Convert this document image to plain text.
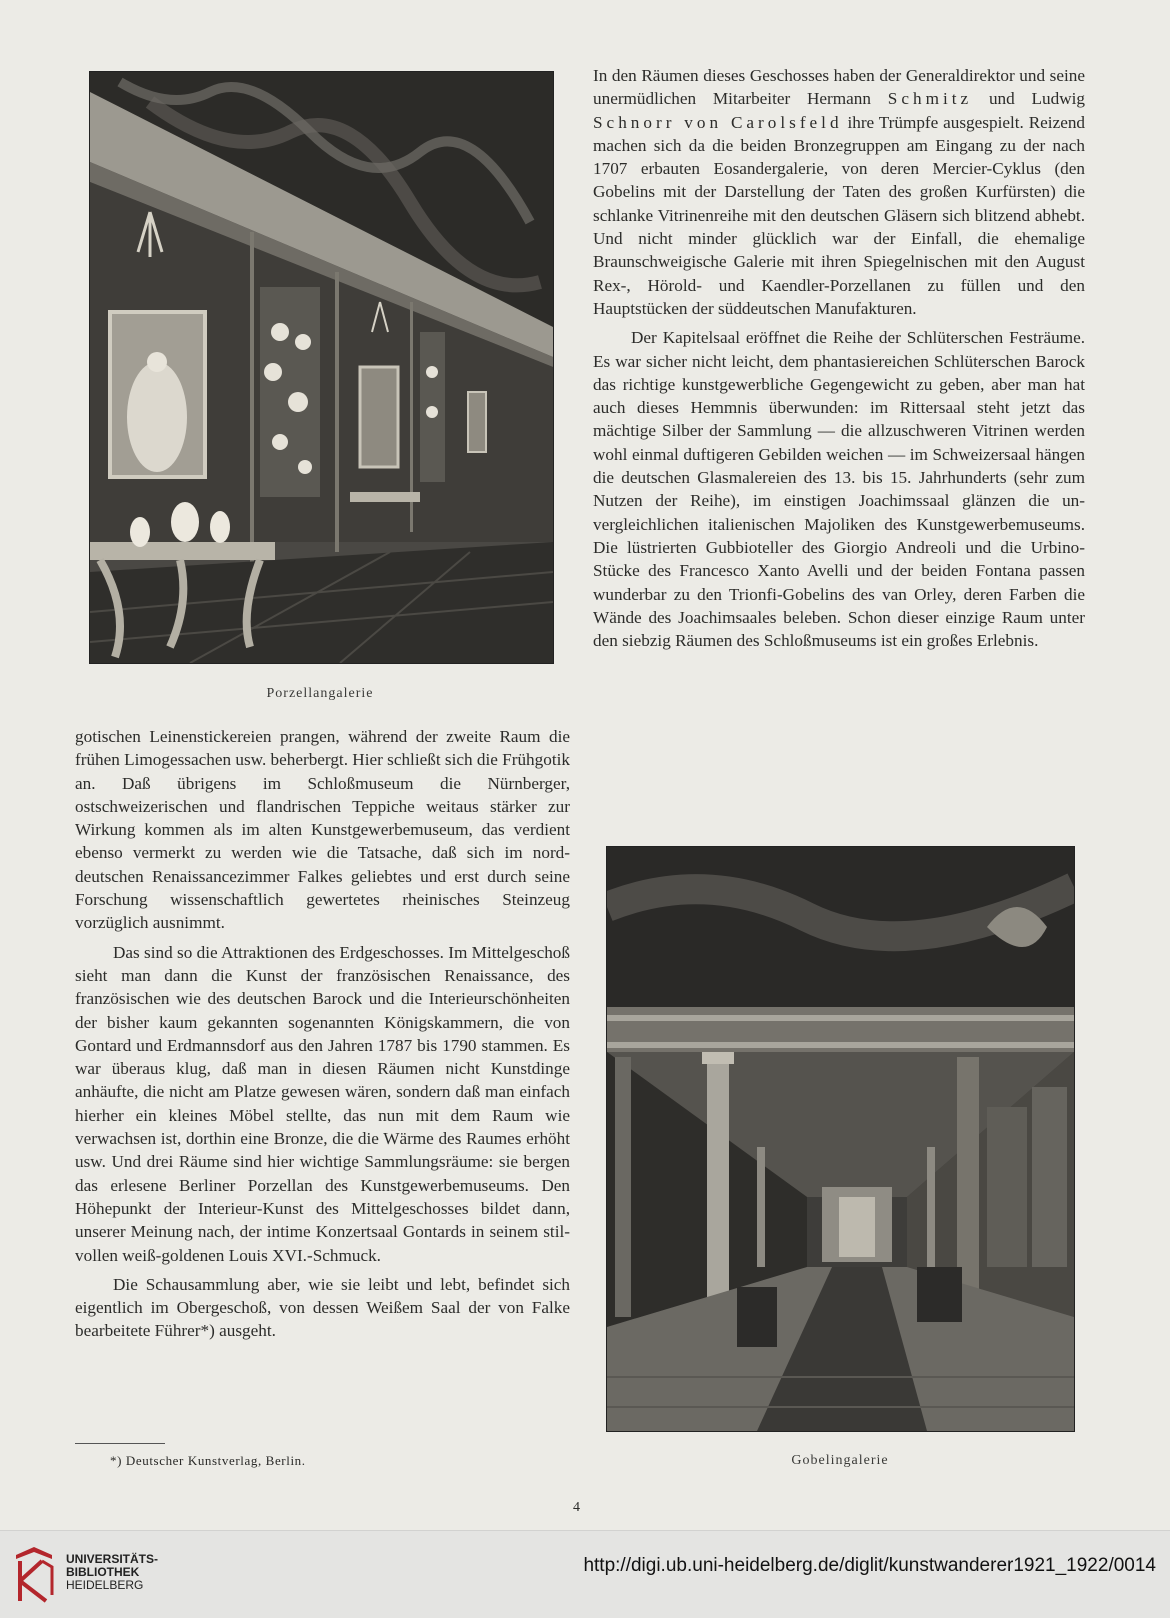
Porzellangalerie

gotischen Leinenstickereien prangen, während der zweite Raum die frühen Limogessachen usw. beherbergt. Hier schließt sich die Frühgotik an. Daß übrigens im Schloßmuseum die Nürnberger, ostschweizerischen und flandrischen Teppiche weitaus stärker zur Wirkung kommen als im alten Kunstgewerbemuseum, das verdient ebenso vermerkt zu werden wie die Tatsache, daß sich im norddeutschen Renaissancezimmer Falkes geliebtes und erst durch seine Forschung wissenschaftlich gewertetes rheinisches Steinzeug vorzüglich ausnimmt.

Das sind so die Attraktionen des Erdgeschosses. Im Mittelgeschoß sieht man dann die Kunst der französischen Renaissance, des französischen wie des deutschen Barock und die Interieurschönheiten der bisher kaum gekannten sogenannten Königskammern, die von Gontard und Erdmannsdorf aus den Jahren 1787 bis 1790 stammen. Es war überaus klug, daß man in diesen Räumen nicht Kunstdinge anhäufte, die nicht am Platze gewesen wären, sondern daß man einfach hierher ein kleines Möbel stellte, das nun mit dem Raum wie verwachsen ist, dorthin eine Bronze, die die Wärme des Raumes erhöht usw. Und drei Räume sind hier wichtige Sammlungsräume: sie bergen das erlesene Berliner Porzellan des Kunstgewerbemuseums. Den Höhepunkt der Interieur-Kunst des Mittelgeschosses bildet dann, unserer Meinung nach, der intime Konzertsaal Gontards in seinem stilvollen weiß-goldenen Louis XVI.-Schmuck.

Die Schausammlung aber, wie sie leibt und lebt, befindet sich eigentlich im Obergeschoß, von dessen Weißem Saal der von Falke bearbeitete Führer*) ausgeht.

In den Räumen dieses Geschosses haben der Generaldirektor und seine unermüdlichen Mitarbeiter Hermann Schmitz und Ludwig Schnorr von Carolsfeld ihre Trümpfe ausgespielt. Reizend machen sich da die beiden Bronzegruppen am Eingang zu der nach 1707 erbauten Eosandergalerie, von deren Mercier-Cyklus (den Gobelins mit der Darstellung der Taten des großen Kurfürsten) die schlanke Vitrinenreihe mit den deutschen Gläsern sich blitzend abhebt. Und nicht minder glücklich war der Einfall, die ehemalige Braunschweigische Galerie mit ihren Spiegelnischen mit den August Rex-, Hörold- und Kaendler-Porzellanen zu füllen und den Hauptstücken der süddeutschen Manufakturen.

Der Kapitelsaal eröffnet die Reihe der Schlüterschen Festräume. Es war sicher nicht leicht, dem phantasiereichen Schlüterschen Barock das richtige kunstgewerbliche Gegengewicht zu geben, aber man hat auch dieses Hemmnis überwunden: im Rittersaal steht jetzt das mächtige Silber der Sammlung — die allzuschweren Vitrinen werden wohl einmal duftigeren Gebilden weichen — im Schweizersaal hängen die deutschen Glasmalereien des 13. bis 15. Jahrhunderts (sehr zum Nutzen der Reihe), im einstigen Joachimssaal glänzen die unvergleichlichen italienischen Majoliken des Kunstgewerbemuseums. Die lüstrierten Gubbioteller des Giorgio Andreoli und die Urbino-Stücke des Francesco Xanto Avelli und der beiden Fontana passen wunderbar zu den Trionfi-Gobelins des van Orley, deren Farben die Wände des Joachimsaales beleben. Schon dieser einzige Raum unter den siebzig Räumen des Schloßmuseums ist ein großes Erlebnis.

Gobelingalerie
*) Deutscher Kunstverlag, Berlin.
4
UNIVERSITÄTS-
BIBLIOTHEK
HEIDELBERG
http://digi.ub.uni-heidelberg.de/diglit/kunstwanderer1921_1922/0014
